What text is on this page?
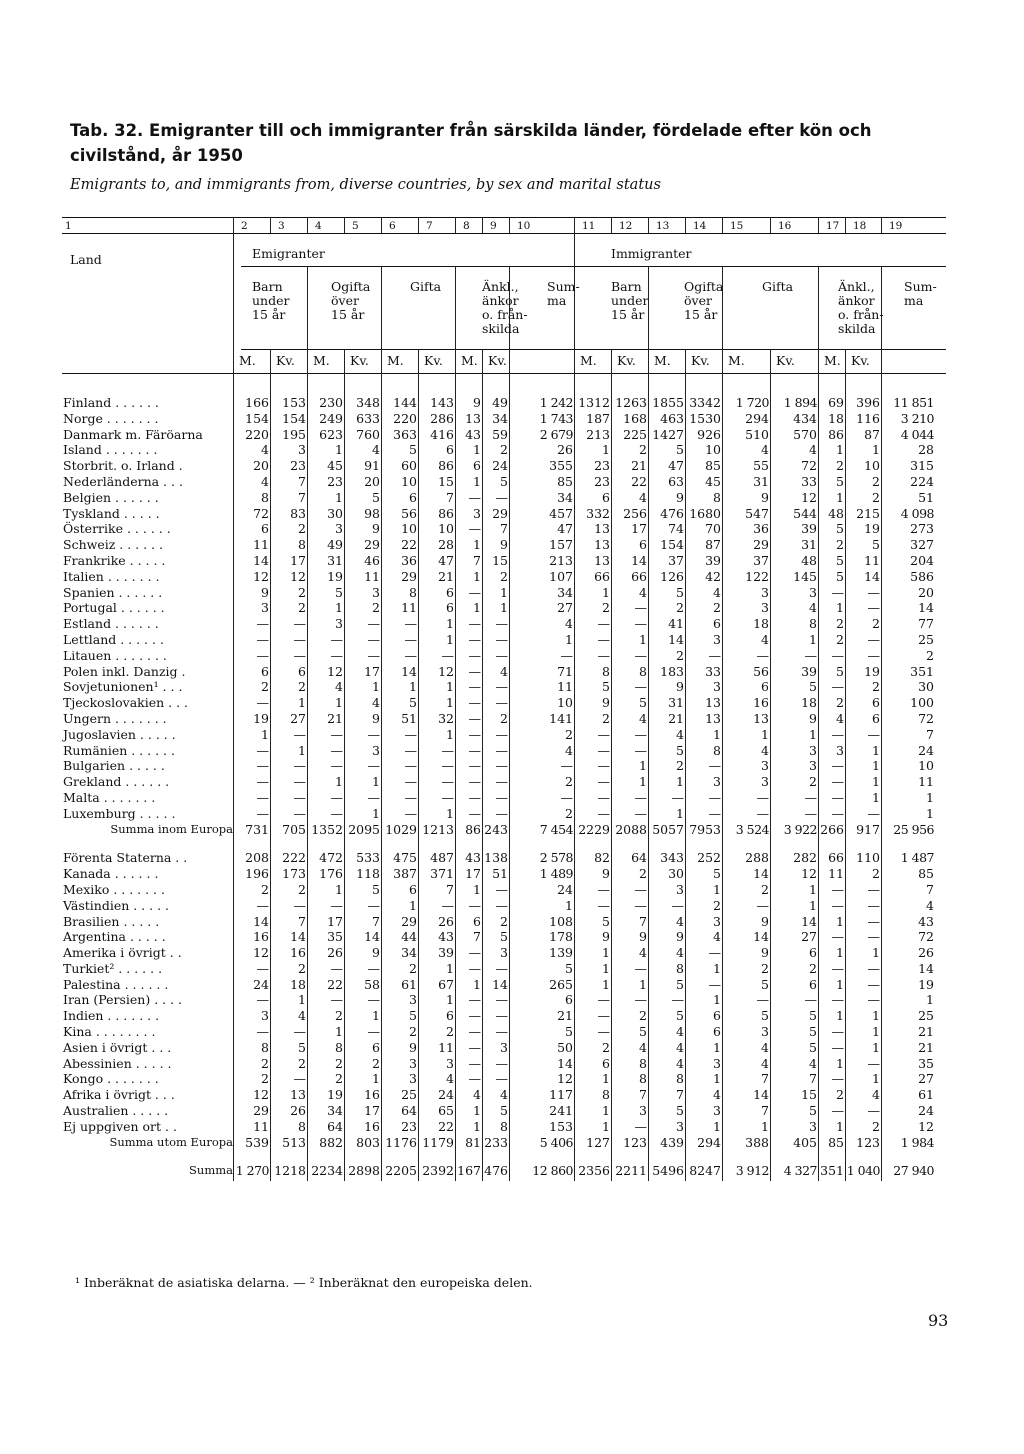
Tab. 32. Emigranter till och immigranter från särskilda länder, fördelade efter kön och civilstånd, år 1950
Emigrants to, and immigrants from, diverse countries, by sex and marital status
1	2	3	4	5	6	7	8 9 10	11 12 13 14 15	16	17 18 19
Land	Emigranter	Immigranter
Barn
under
15 år
Ogifta
över
15 år
Gifta	Änkl.,
änkor
o. från-
skilda
Sum-
ma
Barn
under
15 år
Ogifta
över
15 år
Gifta	Änkl.,
änkor
o. från-
skilda
Sum-
ma
M. Kv. M. Kv. M. Kv. M. Kv.	M. Kv. M. Kv. M. Kv. M. Kv.
Finland . . . . . .	166	153	230	348	144	143	9	49	1 242	1312	1263	1855	3342	1 720	1 894	69	396	11 851
Norge . . . . . . .	154	154	249	633	220	286	13	34	1 743	187	168	463	1530	294	434	18	116	3 210
Danmark m. Färöarna	220	195	623	760	363	416	43	59	2 679	213	225	1427	926	510	570	86	87	4 044
Island . . . . . . .	4	3	1	4	5	6	1	2	26	1	2	5	10	4	4	1	1	28
Storbrit. o. Irland .	20	23	45	91	60	86	6	24	355	23	21	47	85	55	72	2	10	315
Nederländerna . . .	4	7	23	20	10	15	1	5	85	23	22	63	45	31	33	5	2	224
Belgien . . . . . .	8	7	1	5	6	7	—	—	34	6	4	9	8	9	12	1	2	51
Tyskland . . . . .	72	83	30	98	56	86	3	29	457	332	256	476	1680	547	544	48	215	4 098
Österrike . . . . . .	6	2	3	9	10	10	—	7	47	13	17	74	70	36	39	5	19	273
Schweiz . . . . . .	11	8	49	29	22	28	1	9	157	13	6	154	87	29	31	2	5	327
Frankrike . . . . .	14	17	31	46	36	47	7	15	213	13	14	37	39	37	48	5	11	204
Italien . . . . . . .	12	12	19	11	29	21	1	2	107	66	66	126	42	122	145	5	14	586
Spanien . . . . . .	9	2	5	3	8	6	—	1	34	1	4	5	4	3	3	—	—	20
Portugal . . . . . .	3	2	1	2	11	6	1	1	27	2	—	2	2	3	4	1	—	14
Estland . . . . . .	—	—	3	—	—	1	—	—	4	—	—	41	6	18	8	2	2	77
Lettland . . . . . .	—	—	—	—	—	1	—	—	1	—	1	14	3	4	1	2	—	25
Litauen . . . . . . .	—	—	—	—	—	—	—	—	—	—	—	2	—	—	—	—	—	2
Polen inkl. Danzig .	6	6	12	17	14	12	—	4	71	8	8	183	33	56	39	5	19	351
Sovjetunionen¹ . . .	2	2	4	1	1	1	—	—	11	5	—	9	3	6	5	—	2	30
Tjeckoslovakien . . .	—	1	1	4	5	1	—	—	10	9	5	31	13	16	18	2	6	100
Ungern . . . . . . .	19	27	21	9	51	32	—	2	141	2	4	21	13	13	9	4	6	72
Jugoslavien . . . . .	1	—	—	—	—	1	—	—	2	—	—	4	1	1	1	—	—	7
Rumänien . . . . . .	—	1	—	3	—	—	—	—	4	—	—	5	8	4	3	3	1	24
Bulgarien . . . . .	—	—	—	—	—	—	—	—	—	—	1	2	—	3	3	—	1	10
Grekland . . . . . .	—	—	1	1	—	—	—	—	2	—	1	1	3	3	2	—	1	11
Malta . . . . . . .	—	—	—	—	—	—	—	—	—	—	—	—	—	—	—	—	1	1
Luxemburg . . . . .	—	—	—	1	—	1	—	—	2	—	—	1	—	—	—	—	—	1
Summa inom Europa	731	705	1352	2095	1029	1213	86	243	7 454	2229	2088	5057	7953	3 524	3 922	266	917	25 956

Förenta Staterna . .	208	222	472	533	475	487	43	138	2 578	82	64	343	252	288	282	66	110	1 487
Kanada . . . . . .	196	173	176	118	387	371	17	51	1 489	9	2	30	5	14	12	11	2	85
Mexiko . . . . . . .	2	2	1	5	6	7	1	—	24	—	—	3	1	2	1	—	—	7
Västindien . . . . .	—	—	—	—	1	—	—	—	1	—	—	—	2	—	1	—	—	4
Brasilien . . . . .	14	7	17	7	29	26	6	2	108	5	7	4	3	9	14	1	—	43
Argentina . . . . .	16	14	35	14	44	43	7	5	178	9	9	9	4	14	27	—	—	72
Amerika i övrigt . .	12	16	26	9	34	39	—	3	139	1	4	4	—	9	6	1	1	26
Turkiet² . . . . . .	—	2	—	—	2	1	—	—	5	1	—	8	1	2	2	—	—	14
Palestina . . . . . .	24	18	22	58	61	67	1	14	265	1	1	5	—	5	6	1	—	19
Iran (Persien) . . . .	—	1	—	—	3	1	—	—	6	—	—	—	1	—	—	—	—	1
Indien . . . . . . .	3	4	2	1	5	6	—	—	21	—	2	5	6	5	5	1	1	25
Kina . . . . . . . .	—	—	1	—	2	2	—	—	5	—	5	4	6	3	5	—	1	21
Asien i övrigt . . .	8	5	8	6	9	11	—	3	50	2	4	4	1	4	5	—	1	21
Abessinien . . . . .	2	2	2	2	3	3	—	—	14	6	8	4	3	4	4	1	—	35
Kongo . . . . . . .	2	—	2	1	3	4	—	—	12	1	8	8	1	7	7	—	1	27
Afrika i övrigt . . .	12	13	19	16	25	24	4	4	117	8	7	7	4	14	15	2	4	61
Australien . . . . .	29	26	34	17	64	65	1	5	241	1	3	5	3	7	5	—	—	24
Ej uppgiven ort . .	11	8	64	16	23	22	1	8	153	1	—	3	1	1	3	1	2	12
Summa utom Europa	539	513	882	803	1176	1179	81	233	5 406	127	123	439	294	388	405	85	123	1 984

Summa	1 270	1218	2234	2898	2205	2392	167	476	12 860	2356	2211	5496	8247	3 912	4 327	351	1 040	27 940
¹ Inberäknat de asiatiska delarna. — ² Inberäknat den europeiska delen.
93
